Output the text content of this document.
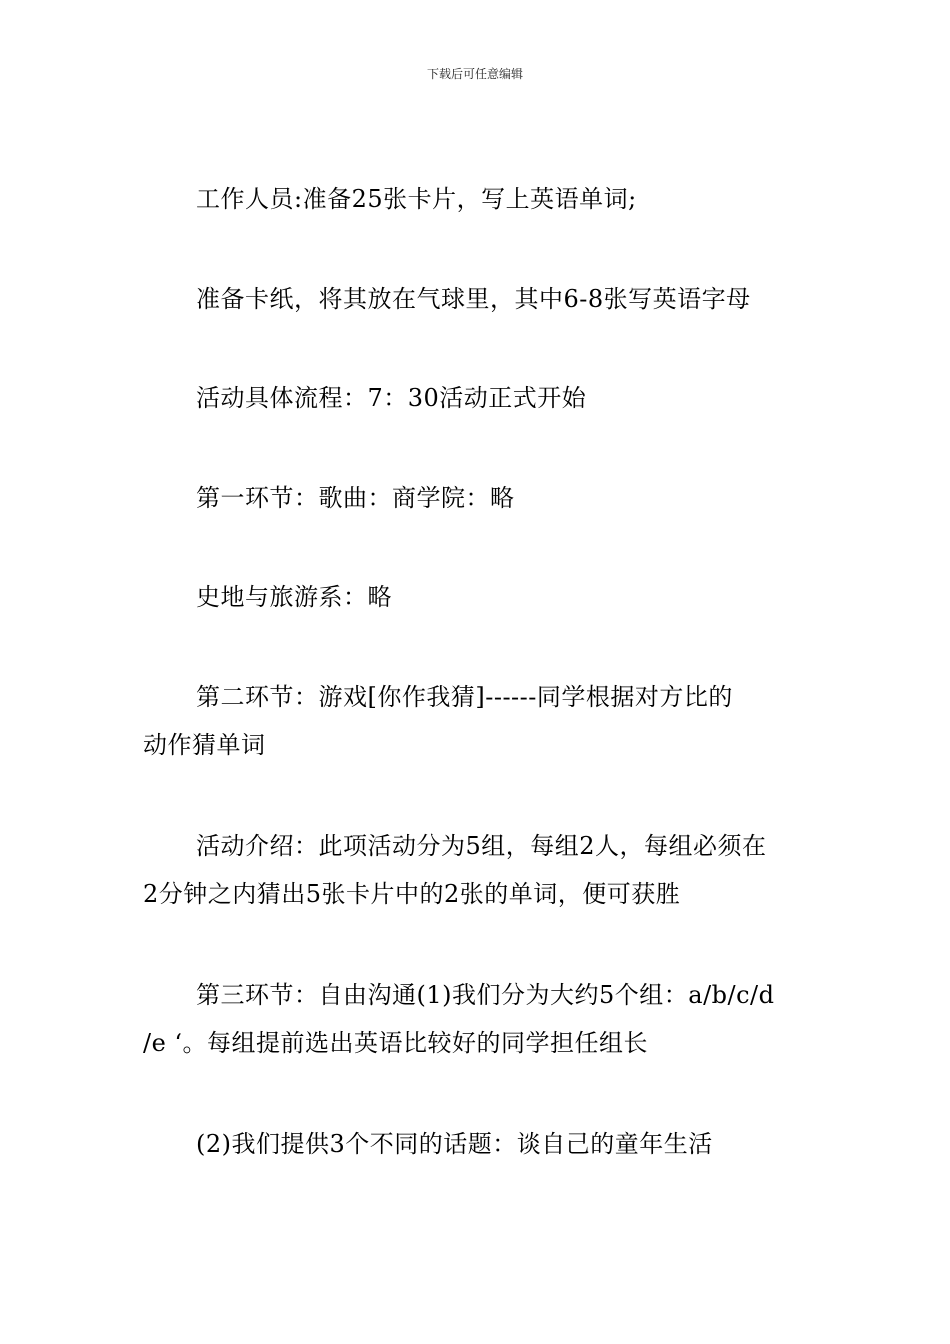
下载后可任意编辑
工作人员:准备25张卡片，写上英语单词;
准备卡纸，将其放在气球里，其中6-8张写英语字母
活动具体流程：7：30活动正式开始
第一环节：歌曲：商学院：略
史地与旅游系：略
第二环节：游戏[你作我猜]------同学根据对方比的
动作猜单词
活动介绍：此项活动分为5组，每组2人，每组必须在
2分钟之内猜出5张卡片中的2张的单词，便可获胜
第三环节：自由沟通(1)我们分为大约5个组：a/b/c/d
/e ‘。每组提前选出英语比较好的同学担任组长
(2)我们提供3个不同的话题：谈自己的童年生活
